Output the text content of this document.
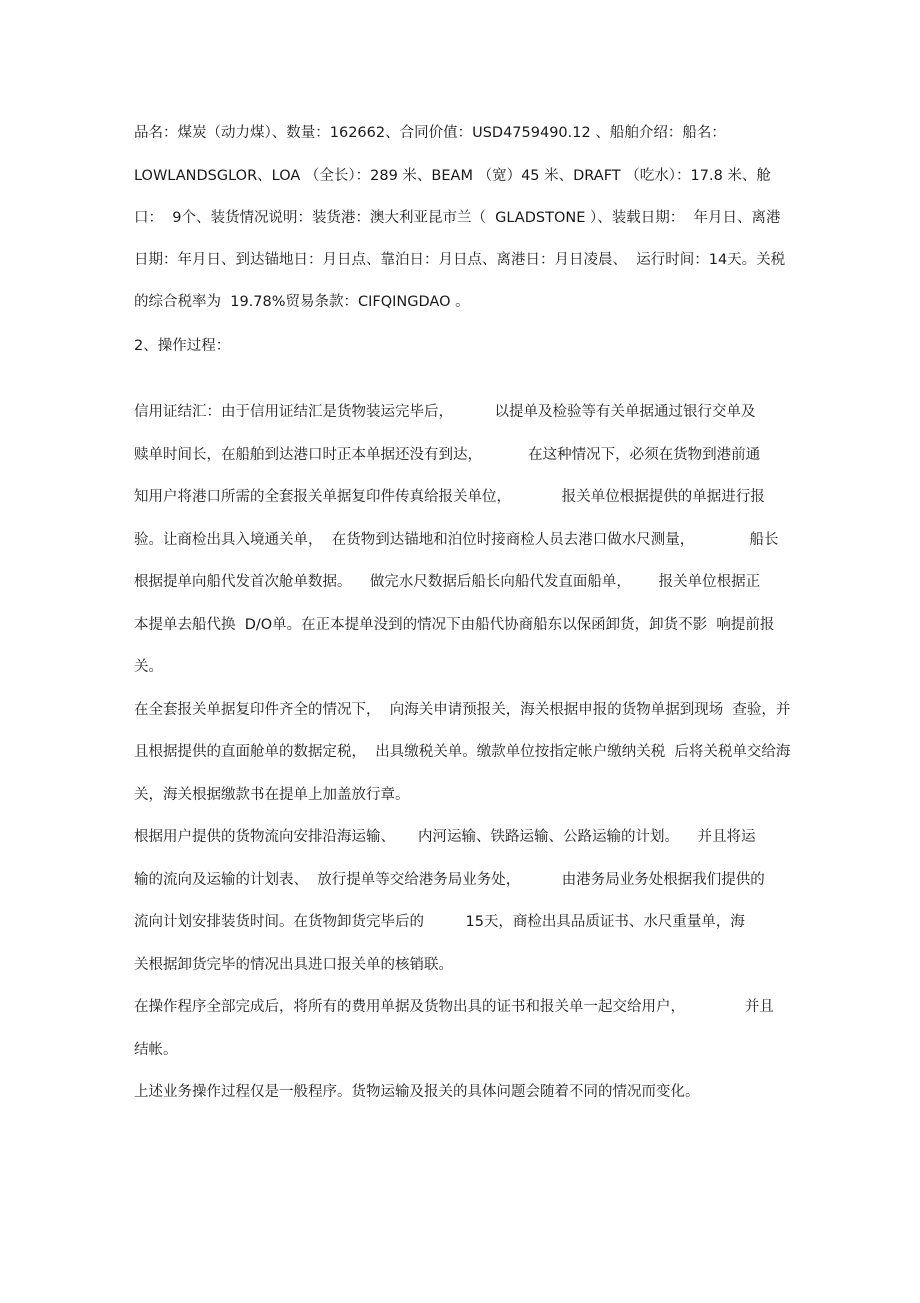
品名：煤炭（动力煤）、数量：162662、合同价值：USD4759490.12 、船舶介绍：船名：
LOWLANDSGLOR、LOA （全长）：289 米、BEAM （宽）45 米、DRAFT （吃水）：17.8 米、舱
口：  9个、装货情况说明：装货港：澳大利亚昆市兰（  GLADSTONE ）、装载日期：  年月日、离港
日期：年月日、到达锚地日：月日点、靠泊日：月日点、离港日：月日凌晨、  运行时间：14天。关税
的综合税率为  19.78%贸易条款：CIFQINGDAO 。
2、操作过程：
信用证结汇：由于信用证结汇是货物装运完毕后，         以提单及检验等有关单据通过银行交单及
赎单时间长，在船舶到达港口时正本单据还没有到达，          在这种情况下，必须在货物到港前通
知用户将港口所需的全套报关单据复印件传真给报关单位，           报关单位根据提供的单据进行报
验。让商检出具入境通关单，  在货物到达锚地和泊位时接商检人员去港口做水尺测量，            船长
根据提单向船代发首次舱单数据。    做完水尺数据后船长向船代发直面船单，      报关单位根据正
本提单去船代换  D/O单。在正本提单没到的情况下由船代协商船东以保函卸货，卸货不影  响提前报
关。
在全套报关单据复印件齐全的情况下，  向海关申请预报关，海关根据申报的货物单据到现场  查验，并
且根据提供的直面舱单的数据定税，  出具缴税关单。缴款单位按指定帐户缴纳关税  后将关税单交给海
关，海关根据缴款书在提单上加盖放行章。
根据用户提供的货物流向安排沿海运输、     内河运输、铁路运输、公路运输的计划。    并且将运
输的流向及运输的计划表、  放行提单等交给港务局业务处，         由港务局业务处根据我们提供的
流向计划安排装货时间。在货物卸货完毕后的         15天，商检出具品质证书、水尺重量单，海
关根据卸货完毕的情况出具进口报关单的核销联。
在操作程序全部完成后，将所有的费用单据及货物出具的证书和报关单一起交给用户，             并且
结帐。
上述业务操作过程仅是一般程序。货物运输及报关的具体问题会随着不同的情况而变化。
